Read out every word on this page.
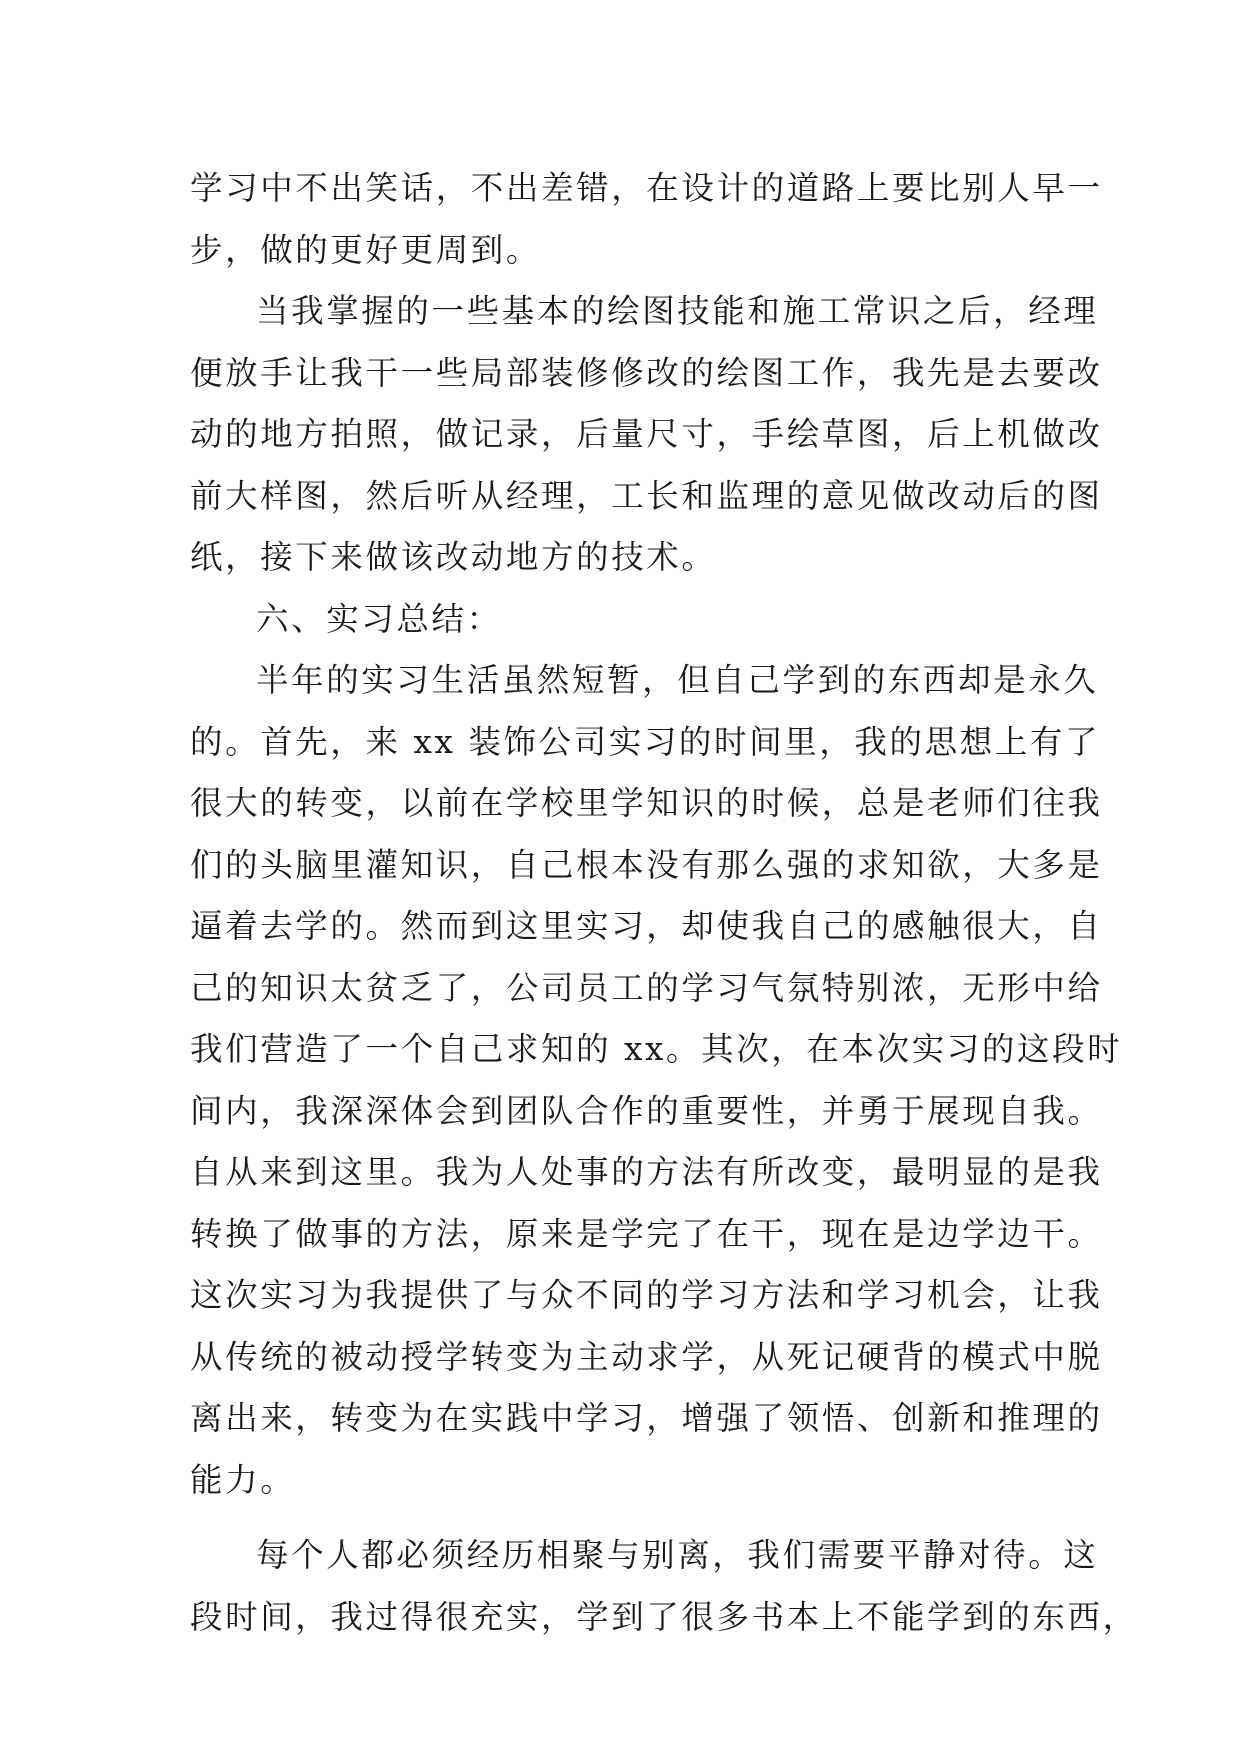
学习中不出笑话，不出差错，在设计的道路上要比别人早一
步，做的更好更周到。
当我掌握的一些基本的绘图技能和施工常识之后，经理
便放手让我干一些局部装修修改的绘图工作，我先是去要改
动的地方拍照，做记录，后量尺寸，手绘草图，后上机做改
前大样图，然后听从经理，工长和监理的意见做改动后的图
纸，接下来做该改动地方的技术。
六、实习总结：
半年的实习生活虽然短暂，但自己学到的东西却是永久
的。首先，来 xx 装饰公司实习的时间里，我的思想上有了
很大的转变，以前在学校里学知识的时候，总是老师们往我
们的头脑里灌知识，自己根本没有那么强的求知欲，大多是
逼着去学的。然而到这里实习，却使我自己的感触很大，自
己的知识太贫乏了，公司员工的学习气氛特别浓，无形中给
我们营造了一个自己求知的 xx。其次，在本次实习的这段时
间内，我深深体会到团队合作的重要性，并勇于展现自我。
自从来到这里。我为人处事的方法有所改变，最明显的是我
转换了做事的方法，原来是学完了在干，现在是边学边干。
这次实习为我提供了与众不同的学习方法和学习机会，让我
从传统的被动授学转变为主动求学，从死记硬背的模式中脱
离出来，转变为在实践中学习，增强了领悟、创新和推理的
能力。
每个人都必须经历相聚与别离，我们需要平静对待。这
段时间，我过得很充实，学到了很多书本上不能学到的东西，
